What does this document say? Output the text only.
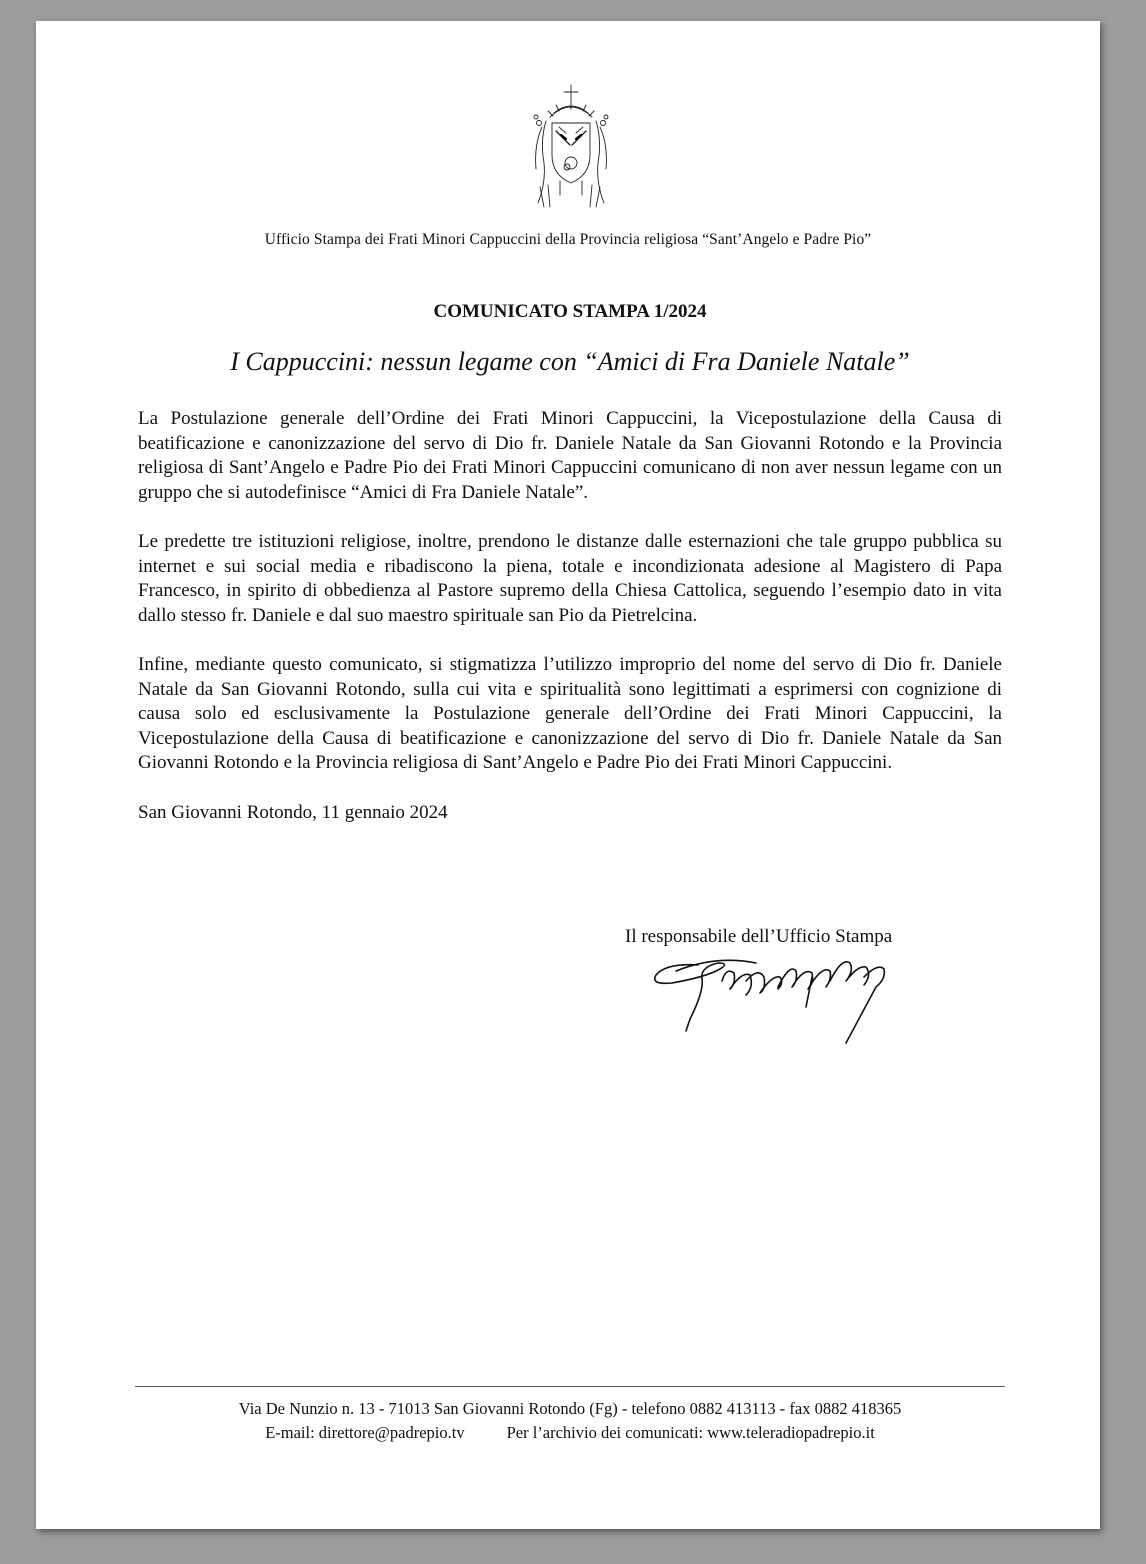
Ufficio Stampa dei Frati Minori Cappuccini della Provincia religiosa “Sant’Angelo e Padre Pio”
COMUNICATO STAMPA 1/2024
I Cappuccini: nessun legame con “Amici di Fra Daniele Natale”

La Postulazione generale dell’Ordine dei Frati Minori Cappuccini, la Vicepostulazione della Causa di beatificazione e canonizzazione del servo di Dio fr. Daniele Natale da San Giovanni Rotondo e la Provincia religiosa di Sant’Angelo e Padre Pio dei Frati Minori Cappuccini comunicano di non aver nessun legame con un gruppo che si autodefinisce “Amici di Fra Daniele Natale”.

Le predette tre istituzioni religiose, inoltre, prendono le distanze dalle esternazioni che tale gruppo pubblica su internet e sui social media e ribadiscono la piena, totale e incondizionata adesione al Magistero di Papa Francesco, in spirito di obbedienza al Pastore supremo della Chiesa Cattolica, seguendo l’esempio dato in vita dallo stesso fr. Daniele e dal suo maestro spirituale san Pio da Pietrelcina.

Infine, mediante questo comunicato, si stigmatizza l’utilizzo improprio del nome del servo di Dio fr. Daniele Natale da San Giovanni Rotondo, sulla cui vita e spiritualità sono legittimati a esprimersi con cognizione di causa solo ed esclusivamente la Postulazione generale dell’Ordine dei Frati Minori Cappuccini, la Vicepostulazione della Causa di beatificazione e canonizzazione del servo di Dio fr. Daniele Natale da San Giovanni Rotondo e la Provincia religiosa di Sant’Angelo e Padre Pio dei Frati Minori Cappuccini.

San Giovanni Rotondo, 11 gennaio 2024

Il responsabile dell’Ufficio Stampa
Via De Nunzio n. 13 - 71013 San Giovanni Rotondo (Fg) - telefono 0882 413113 - fax 0882 418365
E-mail: direttore@padrepio.tv	Per l’archivio dei comunicati: www.teleradiopadrepio.it
